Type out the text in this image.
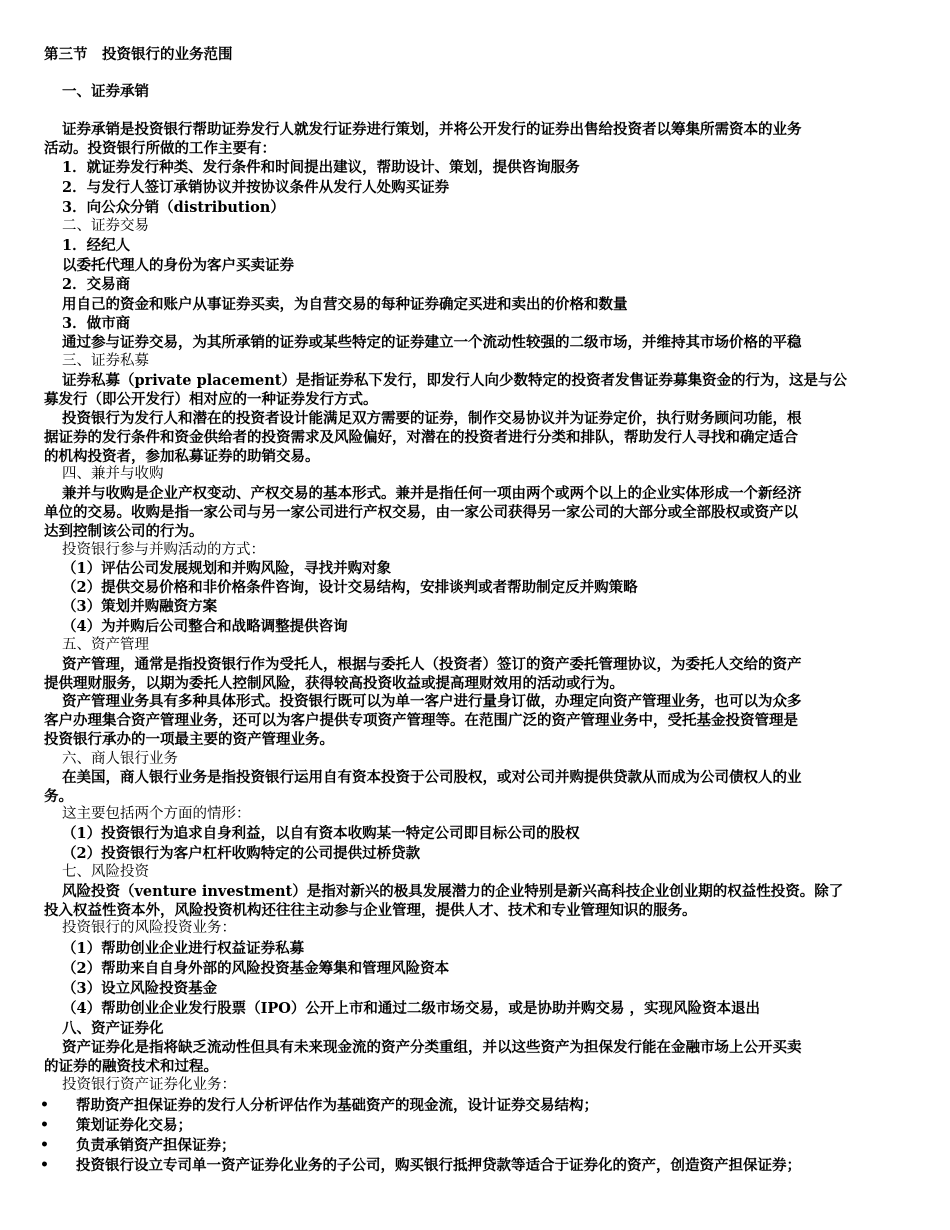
第三节　投资银行的业务范围
一、证券承销
证券承销是投资银行帮助证券发行人就发行证券进行策划，并将公开发行的证券出售给投资者以筹集所需资本的业务
活动。投资银行所做的工作主要有：
1．就证券发行种类、发行条件和时间提出建议，帮助设计、策划，提供咨询服务
2．与发行人签订承销协议并按协议条件从发行人处购买证券
3．向公众分销（distribution）
二、证券交易
1．经纪人
以委托代理人的身份为客户买卖证券
2．交易商
用自己的资金和账户从事证券买卖，为自营交易的每种证券确定买进和卖出的价格和数量
3．做市商
通过参与证券交易，为其所承销的证券或某些特定的证券建立一个流动性较强的二级市场，并维持其市场价格的平稳
三、证券私募
证券私募（private placement）是指证券私下发行，即发行人向少数特定的投资者发售证券募集资金的行为，这是与公
募发行（即公开发行）相对应的一种证券发行方式。
投资银行为发行人和潜在的投资者设计能满足双方需要的证券，制作交易协议并为证券定价，执行财务顾问功能，根
据证券的发行条件和资金供给者的投资需求及风险偏好，对潜在的投资者进行分类和排队，帮助发行人寻找和确定适合
的机构投资者，参加私募证券的助销交易。
四、兼并与收购
兼并与收购是企业产权变动、产权交易的基本形式。兼并是指任何一项由两个或两个以上的企业实体形成一个新经济
单位的交易。收购是指一家公司与另一家公司进行产权交易，由一家公司获得另一家公司的大部分或全部股权或资产以
达到控制该公司的行为。
投资银行参与并购活动的方式：
（1）评估公司发展规划和并购风险，寻找并购对象
（2）提供交易价格和非价格条件咨询，设计交易结构，安排谈判或者帮助制定反并购策略
（3）策划并购融资方案
（4）为并购后公司整合和战略调整提供咨询
五、资产管理
资产管理，通常是指投资银行作为受托人，根据与委托人（投资者）签订的资产委托管理协议，为委托人交给的资产
提供理财服务，以期为委托人控制风险，获得较高投资收益或提高理财效用的活动或行为。
资产管理业务具有多种具体形式。投资银行既可以为单一客户进行量身订做，办理定向资产管理业务，也可以为众多
客户办理集合资产管理业务，还可以为客户提供专项资产管理等。在范围广泛的资产管理业务中，受托基金投资管理是
投资银行承办的一项最主要的资产管理业务。
六、商人银行业务
在美国，商人银行业务是指投资银行运用自有资本投资于公司股权，或对公司并购提供贷款从而成为公司债权人的业
务。
这主要包括两个方面的情形：
（1）投资银行为追求自身利益，以自有资本收购某一特定公司即目标公司的股权
（2）投资银行为客户杠杆收购特定的公司提供过桥贷款
七、风险投资
风险投资（venture investment）是指对新兴的极具发展潜力的企业特别是新兴高科技企业创业期的权益性投资。除了
投入权益性资本外，风险投资机构还往往主动参与企业管理，提供人才、技术和专业管理知识的服务。
投资银行的风险投资业务：
（1）帮助创业企业进行权益证券私募
（2）帮助来自自身外部的风险投资基金筹集和管理风险资本
（3）设立风险投资基金
（4）帮助创业企业发行股票（IPO）公开上市和通过二级市场交易，或是协助并购交易 ，实现风险资本退出
八、资产证券化
资产证券化是指将缺乏流动性但具有未来现金流的资产分类重组，并以这些资产为担保发行能在金融市场上公开买卖
的证券的融资技术和过程。
投资银行资产证券化业务：
• 帮助资产担保证券的发行人分析评估作为基础资产的现金流，设计证券交易结构；
• 策划证券化交易；
• 负责承销资产担保证券；
• 投资银行设立专司单一资产证券化业务的子公司，购买银行抵押贷款等适合于证券化的资产，创造资产担保证券；
